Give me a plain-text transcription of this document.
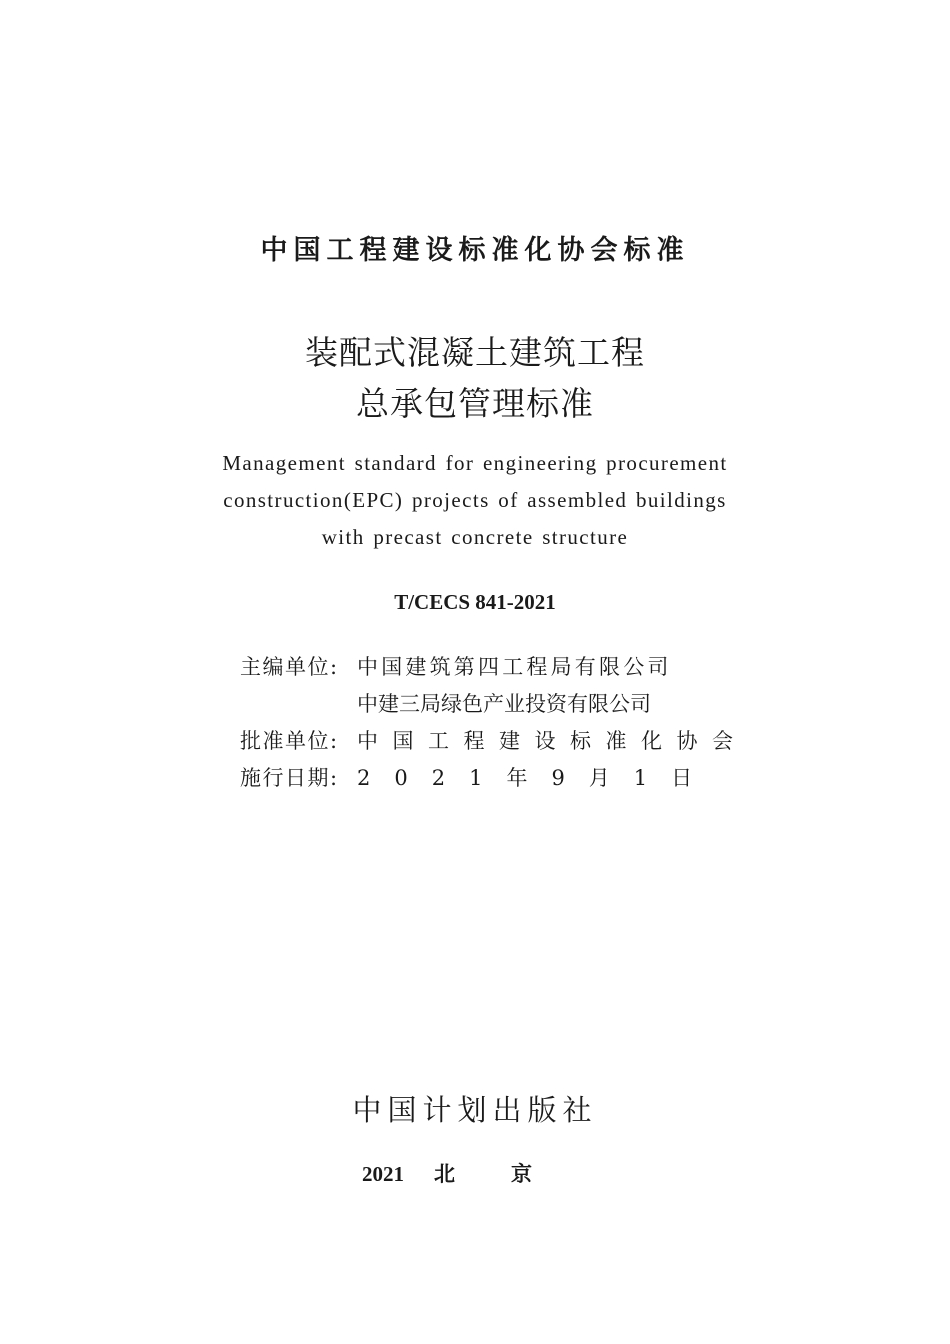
中国工程建设标准化协会标准
装配式混凝土建筑工程
总承包管理标准
Management standard for engineering procurement
construction(EPC) projects of assembled buildings
with precast concrete structure
T/CECS 841-2021
主编单位: 中国建筑第四工程局有限公司
中建三局绿色产业投资有限公司
批准单位: 中国工程建设标准化协会
施行日期: 2021年9月1日
中国计划出版社
2021 北京
